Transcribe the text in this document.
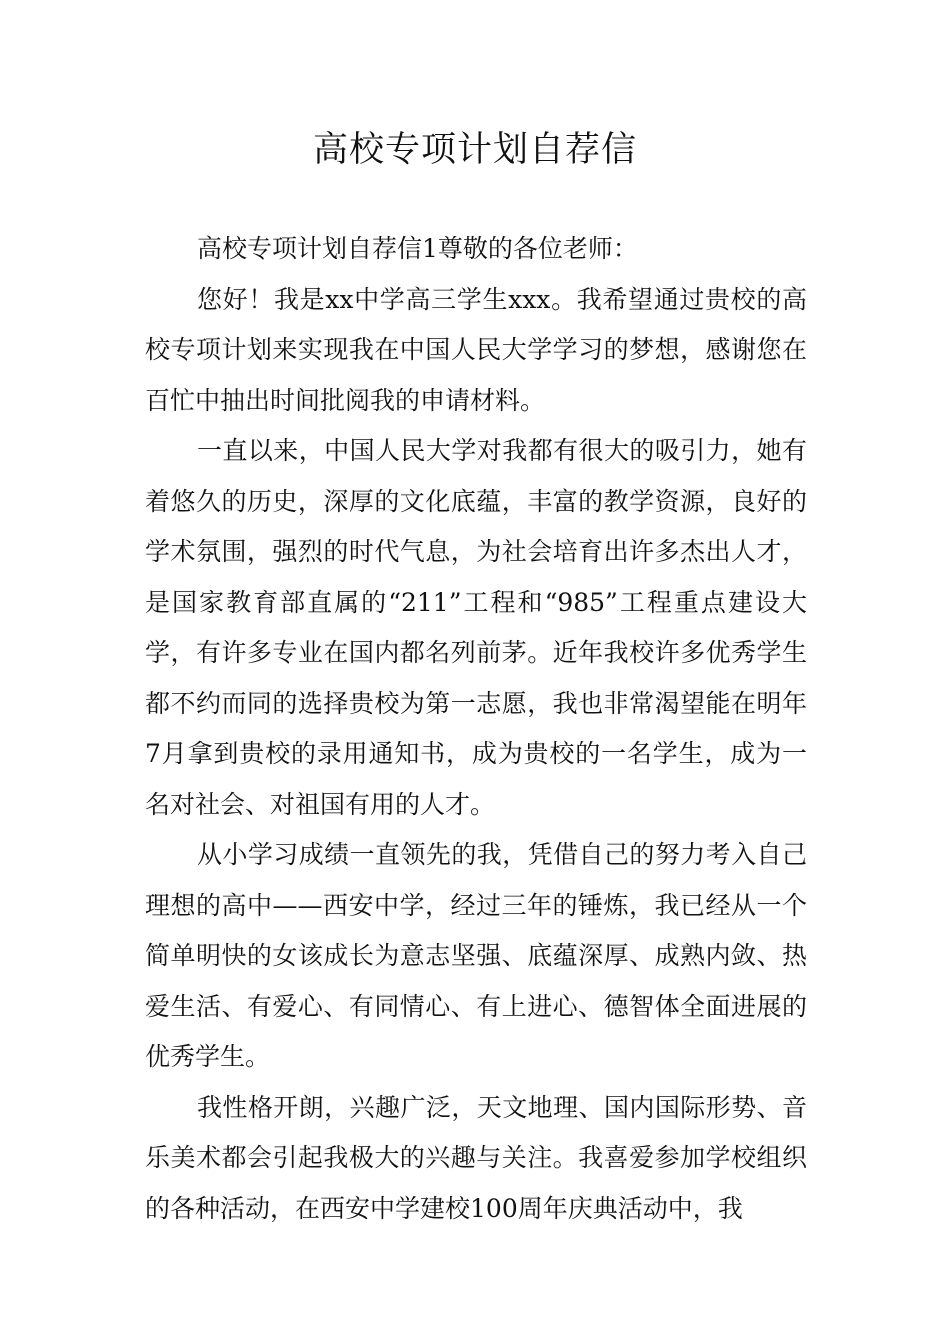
高校专项计划自荐信

高校专项计划自荐信1尊敬的各位老师：

您好！我是xx中学高三学生xxx。我希望通过贵校的高校专项计划来实现我在中国人民大学学习的梦想，感谢您在百忙中抽出时间批阅我的申请材料。

一直以来，中国人民大学对我都有很大的吸引力，她有着悠久的历史，深厚的文化底蕴，丰富的教学资源，良好的学术氛围，强烈的时代气息，为社会培育出许多杰出人才，是国家教育部直属的“211”工程和“985”工程重点建设大学，有许多专业在国内都名列前茅。近年我校许多优秀学生都不约而同的选择贵校为第一志愿，我也非常渴望能在明年7月拿到贵校的录用通知书，成为贵校的一名学生，成为一名对社会、对祖国有用的人才。

从小学习成绩一直领先的我，凭借自己的努力考入自己理想的高中——西安中学，经过三年的锤炼，我已经从一个简单明快的女该成长为意志坚强、底蕴深厚、成熟内敛、热爱生活、有爱心、有同情心、有上进心、德智体全面进展的优秀学生。

我性格开朗，兴趣广泛，天文地理、国内国际形势、音乐美术都会引起我极大的兴趣与关注。我喜爱参加学校组织的各种活动，在西安中学建校100周年庆典活动中，我
